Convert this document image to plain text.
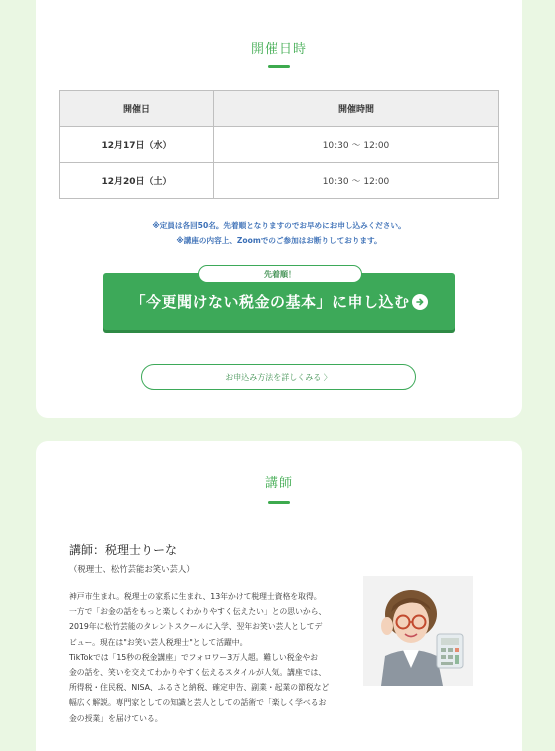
開催日時
開催日	開催時間
12月17日（水）	10:30 〜 12:00
12月20日（土）	10:30 〜 12:00
※定員は各回50名。先着順となりますのでお早めにお申し込みください。
※講座の内容上、Zoomでのご参加はお断りしております。
「今更聞けない税金の基本」に申し込む
先着順！
お申込み方法を詳しくみる 〉
講師
講師：税理士りーな
（税理士、松竹芸能お笑い芸人）
神戸市生まれ。税理士の家系に生まれ、13年かけて税理士資格を取得。
一方で「お金の話をもっと楽しくわかりやすく伝えたい」との思いから、
2019年に松竹芸能のタレントスクールに入学、翌年お笑い芸人としてデ
ビュー。現在は"お笑い芸人税理士"として活躍中。
TikTokでは「15秒の税金講座」でフォロワー3万人超。難しい税金やお
金の話を、笑いを交えてわかりやすく伝えるスタイルが人気。講座では、
所得税・住民税、NISA、ふるさと納税、確定申告、副業・起業の節税など
幅広く解説。専門家としての知識と芸人としての話術で「楽しく学べるお
金の授業」を届けている。
